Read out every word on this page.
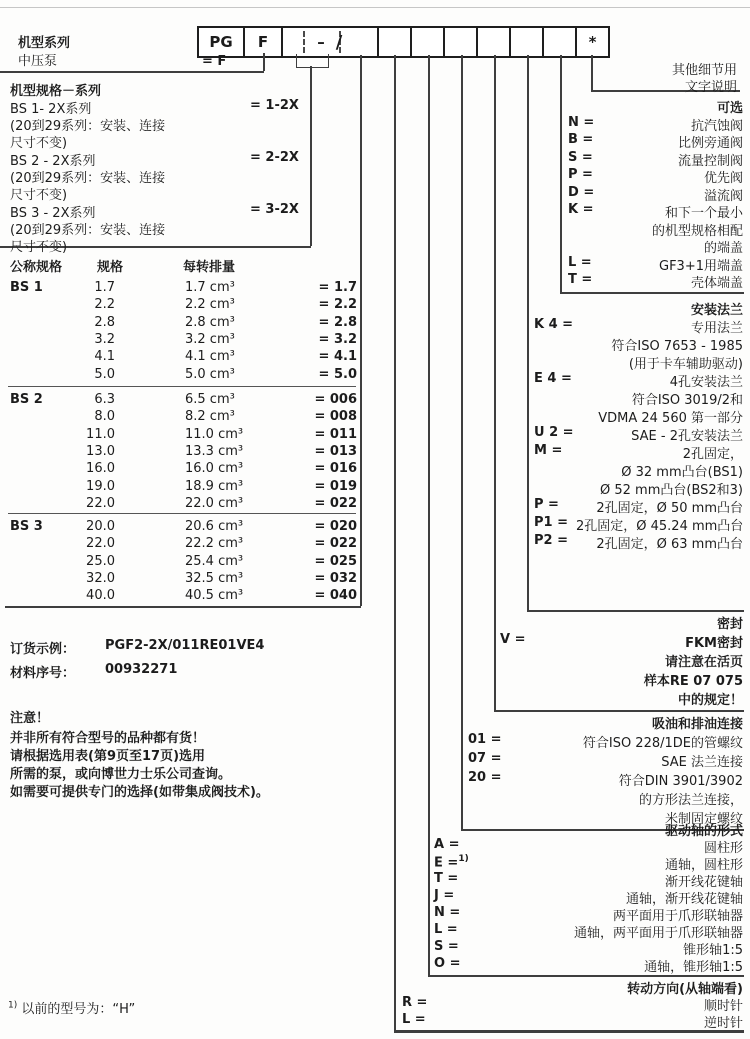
PG F	– /	*
机型系列
中压泵	= F
机型规格－系列
BS 1- 2X系列	= 1-2X
(20到29系列：安装、连接
尺寸不变)
BS 2 - 2X系列	= 2-2X
(20到29系列：安装、连接
尺寸不变)
BS 3 - 2X系列	= 3-2X
(20到29系列：安装、连接
尺寸不变)
公称规格	规格	每转排量
BS 1	1.7	1.7 cm³	= 1.7
2.2	2.2 cm³	= 2.2
2.8	2.8 cm³	= 2.8
3.2	3.2 cm³	= 3.2
4.1	4.1 cm³	= 4.1
5.0	5.0 cm³	= 5.0
BS 2	6.3	6.5 cm³	= 006
8.0	8.2 cm³	= 008
11.0	11.0 cm³	= 011
13.0	13.3 cm³	= 013
16.0	16.0 cm³	= 016
19.0	18.9 cm³	= 019
22.0	22.0 cm³	= 022
BS 3	20.0	20.6 cm³	= 020
22.0	22.2 cm³	= 022
25.0	25.4 cm³	= 025
32.0	32.5 cm³	= 032
40.0	40.5 cm³	= 040
订货示例： PGF2-2X/011RE01VE4
材料序号： 00932271
注意！
并非所有符合型号的品种都有货！
请根据选用表(第9页至17页)选用
所需的泵，或向博世力士乐公司查询。
如需要可提供专门的选择(如带集成阀技术)。
$^{1)}$ 以前的型号为：“H”
其他细节用
文字说明
可选
N =	抗汽蚀阀
B =	比例旁通阀
S =	流量控制阀
P =	优先阀
D =	溢流阀
K =	和下一个最小
的机型规格相配
的端盖
L =	GF3+1用端盖
T =	壳体端盖
安装法兰
K 4 =	专用法兰
符合ISO 7653 - 1985
(用于卡车辅助驱动)
E 4 =	4孔安装法兰
符合ISO 3019/2和
VDMA 24 560 第一部分
U 2 =	SAE - 2孔安装法兰
M =	2孔固定，
Ø 32 mm凸台(BS1)
Ø 52 mm凸台(BS2和3)
P =	2孔固定，Ø 50 mm凸台
P1 = 2孔固定，Ø 45.24 mm凸台
P2 =	2孔固定，Ø 63 mm凸台
密封
V =	FKM密封
请注意在活页
样本RE 07 075
中的规定！
吸油和排油连接
01 =	符合ISO 228/1DE的管螺纹
07 =	SAE 法兰连接
20 =	符合DIN 3901/3902
的方形法兰连接，
米制固定螺纹
驱动轴的形式
A =	圆柱形
E =$^{1)}$	通轴，圆柱形
T =	渐开线花键轴
J =	通轴，渐开线花键轴
N =	两平面用于爪形联轴器
L =	通轴，两平面用于爪形联轴器
S =	锥形轴1:5
O =	通轴，锥形轴1:5
转动方向(从轴端看)
R =	顺时针
L =	逆时针
